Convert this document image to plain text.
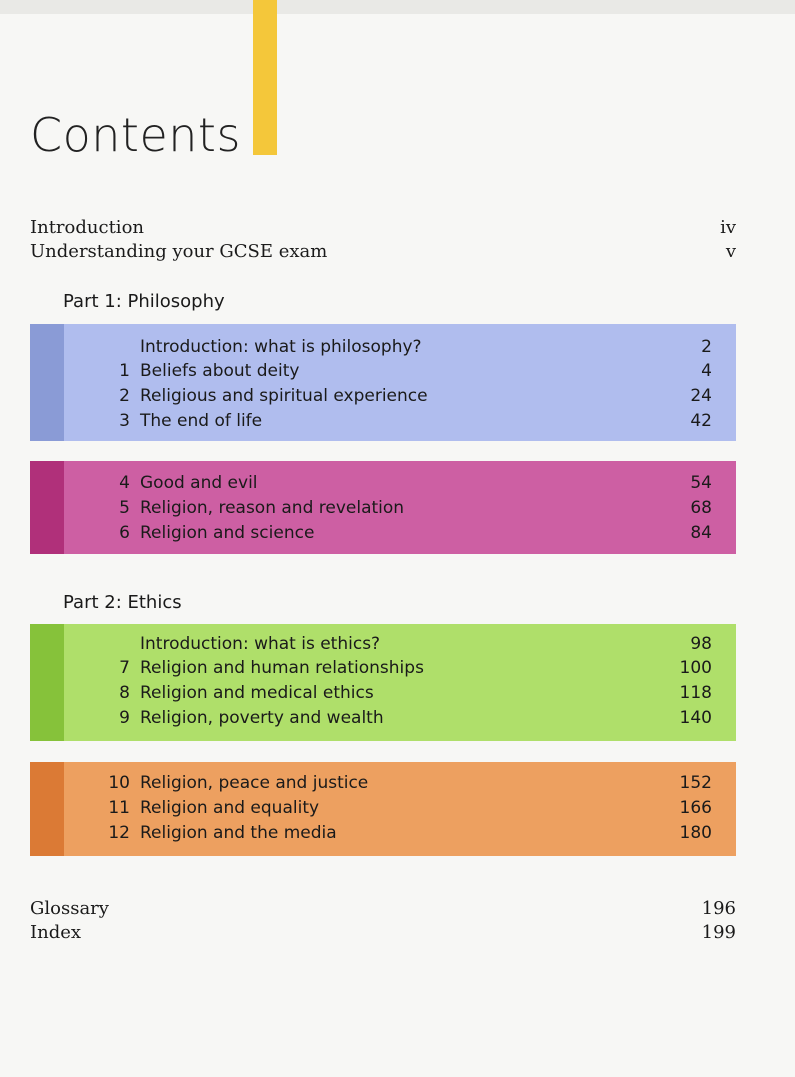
Contents
Introduction	iv
Understanding your GCSE exam	v
Part 1: Philosophy
Introduction: what is philosophy?	2
1 Beliefs about deity	4
2 Religious and spiritual experience	24
3 The end of life	42
4 Good and evil	54
5 Religion, reason and revelation	68
6 Religion and science	84
Part 2: Ethics
Introduction: what is ethics?	98
7 Religion and human relationships	100
8 Religion and medical ethics	118
9 Religion, poverty and wealth	140
10 Religion, peace and justice	152
11 Religion and equality	166
12 Religion and the media	180
Glossary	196
Index	199
